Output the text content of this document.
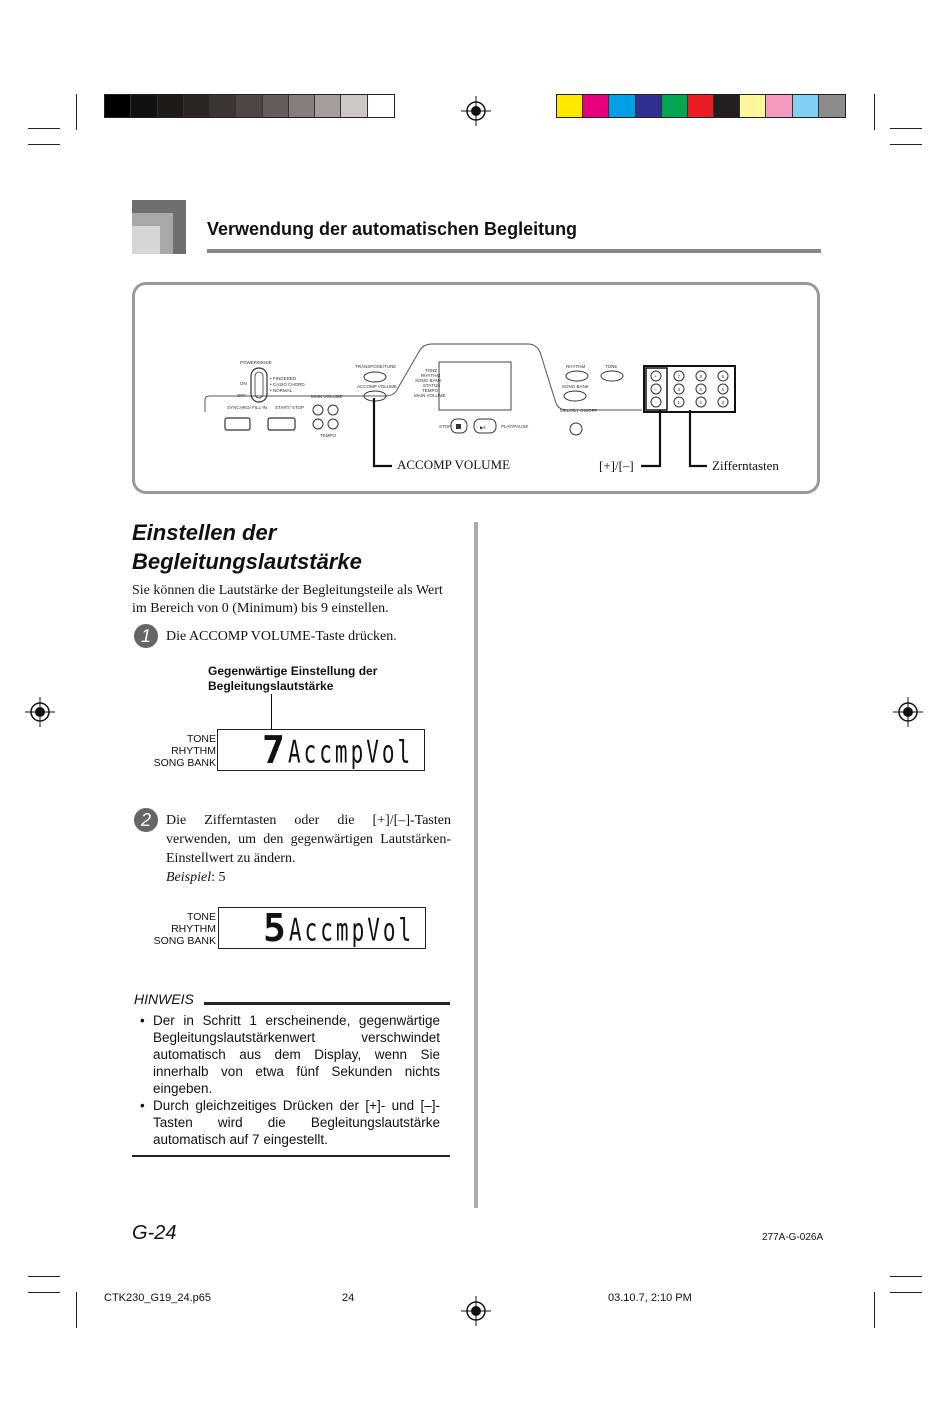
Verwendung der automatischen Begleitung
POWER/MODE
ON
OFF
• FINGERED
• CASIO CHORD
• NORMAL
SYNCHRO/ FILL-IN START/ STOP
MAIN VOLUME
TEMPO
TRANSPOSE/TUNE
ACCOMP VOLUME
TONE
RHYTHM
SONG BANK
STATUS
TEMPO
MAIN VOLUME
STOP	▶ll	PLAY/PAUSE
RHYTHM	TONE
SONG BANK
MELODY ON/OFF
+
–
7	8	9
4	5	6
1	2	3
ACCOMP VOLUME	[+]/[–]	Zifferntasten
Einstellen der
Begleitungslautstärke
Sie können die Lautstärke der Begleitungsteile als Wert im Bereich von 0 (Minimum) bis 9 einstellen.
1	Die ACCOMP VOLUME-Taste drücken.
Gegenwärtige Einstellung der
Begleitungslautstärke
TONE
RHYTHM
SONG BANK 7 AccmpVol
2	Die Zifferntasten oder die [+]/[–]-Tasten verwenden, um den gegenwärtigen Lautstärken-Einstellwert zu ändern.
Beispiel: 5
TONE
RHYTHM
SONG BANK 5 AccmpVol
HINWEIS
• Der in Schritt 1 erscheinende, gegenwärtige Begleitungslautstärkenwert verschwindet automatisch aus dem Display, wenn Sie innerhalb von etwa fünf Sekunden nichts eingeben.
• Durch gleichzeitiges Drücken der [+]- und [–]-Tasten wird die Begleitungslautstärke automatisch auf 7 eingestellt.
G-24	277A-G-026A
CTK230_G19_24.p65	24	03.10.7, 2:10 PM
